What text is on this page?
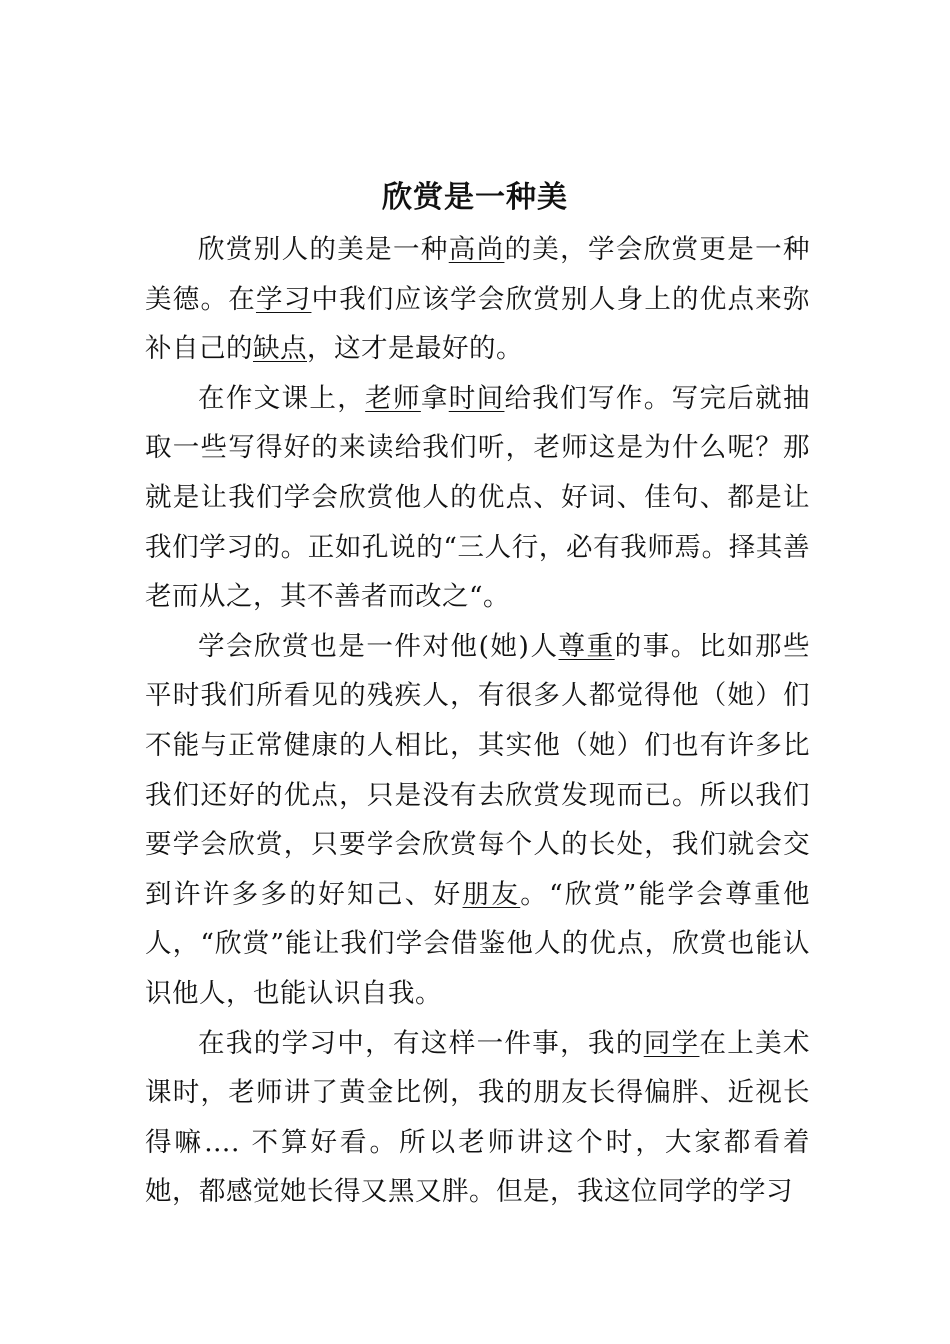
欣赏是一种美

欣赏别人的美是一种高尚的美，学会欣赏更是一种美德。在学习中我们应该学会欣赏别人身上的优点来弥补自己的缺点，这才是最好的。

在作文课上，老师拿时间给我们写作。写完后就抽取一些写得好的来读给我们听，老师这是为什么呢？那就是让我们学会欣赏他人的优点、好词、佳句、都是让我们学习的。正如孔说的“三人行，必有我师焉。择其善老而从之，其不善者而改之“。

学会欣赏也是一件对他(她)人尊重的事。比如那些平时我们所看见的残疾人，有很多人都觉得他（她）们不能与正常健康的人相比，其实他（她）们也有许多比我们还好的优点，只是没有去欣赏发现而已。所以我们要学会欣赏，只要学会欣赏每个人的长处，我们就会交到许许多多的好知己、好朋友。“欣赏”能学会尊重他人，“欣赏”能让我们学会借鉴他人的优点，欣赏也能认识他人，也能认识自我。

在我的学习中，有这样一件事，我的同学在上美术课时，老师讲了黄金比例，我的朋友长得偏胖、近视长得嘛…. 不算好看。所以老师讲这个时，大家都看着她，都感觉她长得又黑又胖。但是，我这位同学的学习
